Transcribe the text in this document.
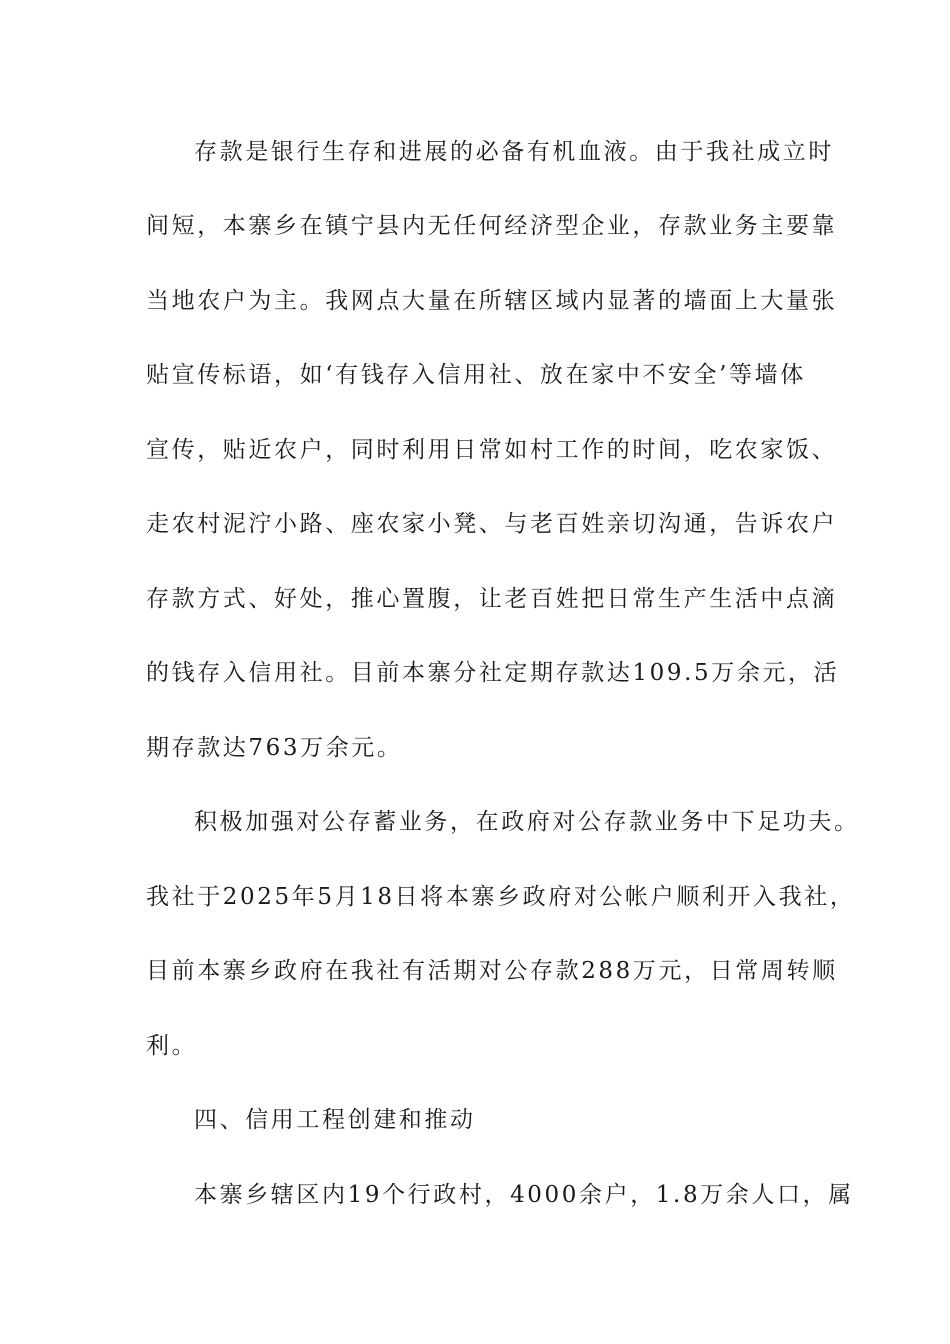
存款是银行生存和进展的必备有机血液。由于我社成立时
间短，本寨乡在镇宁县内无任何经济型企业，存款业务主要靠
当地农户为主。我网点大量在所辖区域内显著的墙面上大量张
贴宣传标语，如‘有钱存入信用社、放在家中不安全’等墙体
宣传，贴近农户，同时利用日常如村工作的时间，吃农家饭、
走农村泥泞小路、座农家小凳、与老百姓亲切沟通，告诉农户
存款方式、好处，推心置腹，让老百姓把日常生产生活中点滴
的钱存入信用社。目前本寨分社定期存款达109.5万余元，活
期存款达763万余元。
积极加强对公存蓄业务，在政府对公存款业务中下足功夫。
我社于2025年5月18日将本寨乡政府对公帐户顺利开入我社，
目前本寨乡政府在我社有活期对公存款288万元，日常周转顺
利。
四、信用工程创建和推动
本寨乡辖区内19个行政村，4000余户，1.8万余人口，属
